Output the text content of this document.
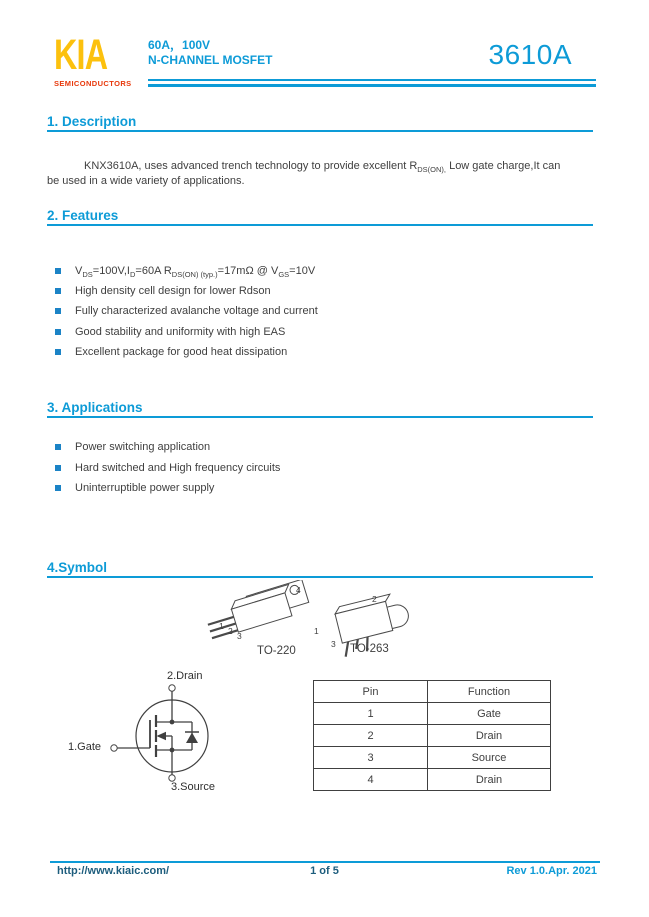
KIA
SEMICONDUCTORS
60A，100V
N-CHANNEL MOSFET	3610A
1. Description
2. Features
3. Applications
4.Symbol
KNX3610A, uses advanced trench technology to provide excellent $R_{DS(ON),}$ Low gate charge,It can
be used in a wide variety of applications.
$V_{DS}=100V,I_D=60A$ $R_{DS(ON) (typ.)}=17m\Omega$ @ $V_{GS}=10V$
High density cell design for lower Rdson
Fully characterized avalanche voltage and current
Good stability and uniformity with high EAS
Excellent package for good heat dissipation
Power switching application
Hard switched and High frequency circuits
Uninterruptible power supply
1 2 3
4
TO-220
1
2
3 TO-263
2.Drain
1.Gate
3.Source
Pin	Function
1	Gate
2	Drain
3	Source
4	Drain
http://www.kiaic.com/	1 of 5	Rev 1.0.Apr. 2021
